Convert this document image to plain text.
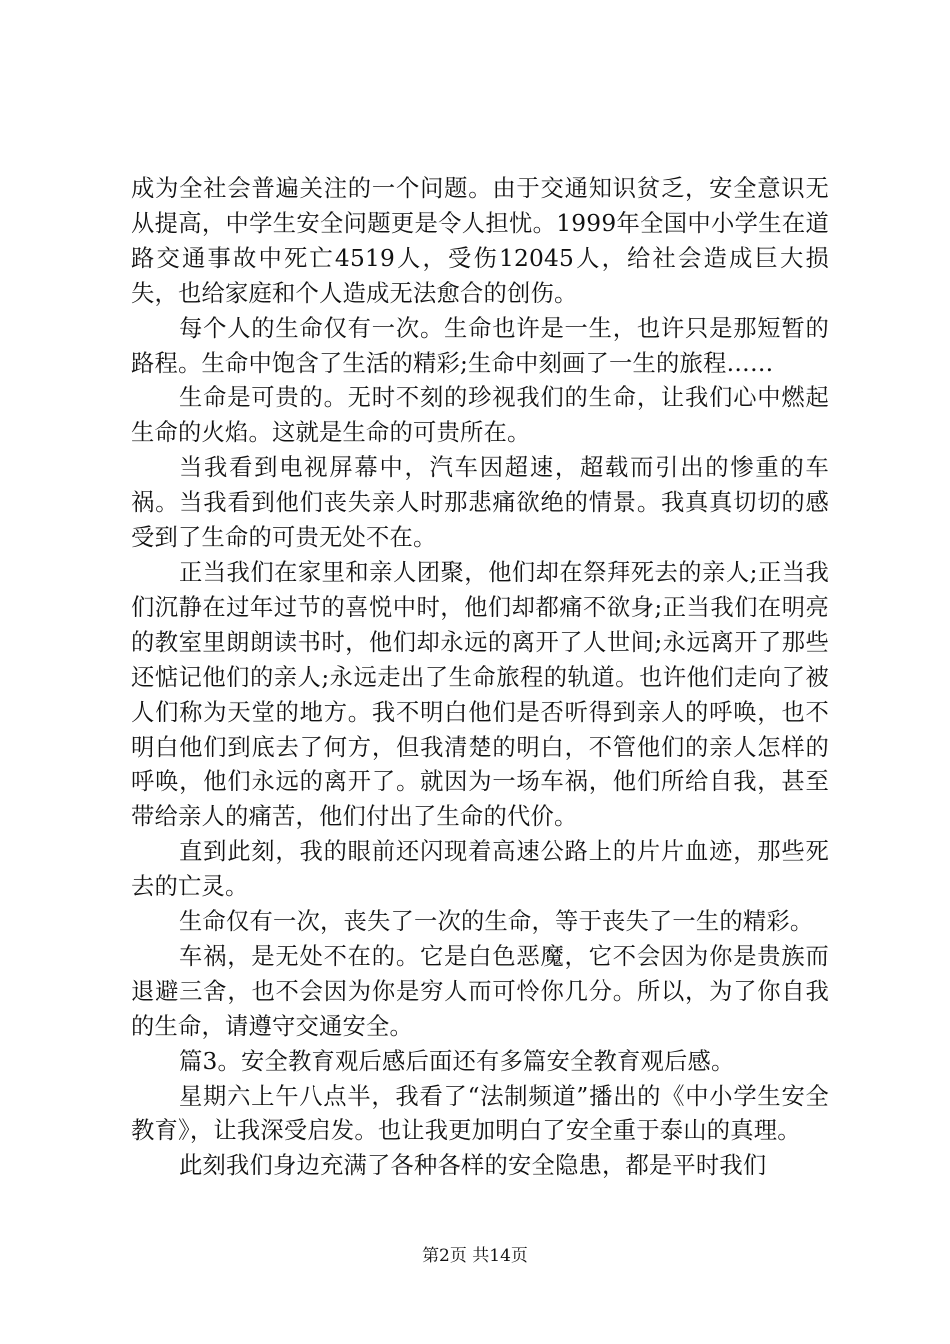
成为全社会普遍关注的一个问题。由于交通知识贫乏，安全意识无从提高，中学生安全问题更是令人担忧。1999年全国中小学生在道路交通事故中死亡4519人，受伤12045人，给社会造成巨大损失，也给家庭和个人造成无法愈合的创伤。

每个人的生命仅有一次。生命也许是一生，也许只是那短暂的路程。生命中饱含了生活的精彩;生命中刻画了一生的旅程……

生命是可贵的。无时不刻的珍视我们的生命，让我们心中燃起生命的火焰。这就是生命的可贵所在。

当我看到电视屏幕中，汽车因超速，超载而引出的惨重的车祸。当我看到他们丧失亲人时那悲痛欲绝的情景。我真真切切的感受到了生命的可贵无处不在。

正当我们在家里和亲人团聚，他们却在祭拜死去的亲人;正当我们沉静在过年过节的喜悦中时，他们却都痛不欲身;正当我们在明亮的教室里朗朗读书时，他们却永远的离开了人世间;永远离开了那些还惦记他们的亲人;永远走出了生命旅程的轨道。也许他们走向了被人们称为天堂的地方。我不明白他们是否听得到亲人的呼唤，也不明白他们到底去了何方，但我清楚的明白，不管他们的亲人怎样的呼唤，他们永远的离开了。就因为一场车祸，他们所给自我，甚至带给亲人的痛苦，他们付出了生命的代价。

直到此刻，我的眼前还闪现着高速公路上的片片血迹，那些死去的亡灵。

生命仅有一次，丧失了一次的生命，等于丧失了一生的精彩。

车祸，是无处不在的。它是白色恶魔，它不会因为你是贵族而退避三舍，也不会因为你是穷人而可怜你几分。所以，为了你自我的生命，请遵守交通安全。

篇3。安全教育观后感后面还有多篇安全教育观后感。

星期六上午八点半，我看了“法制频道”播出的《中小学生安全教育》，让我深受启发。也让我更加明白了安全重于泰山的真理。

此刻我们身边充满了各种各样的安全隐患，都是平时我们

第2页 共14页
